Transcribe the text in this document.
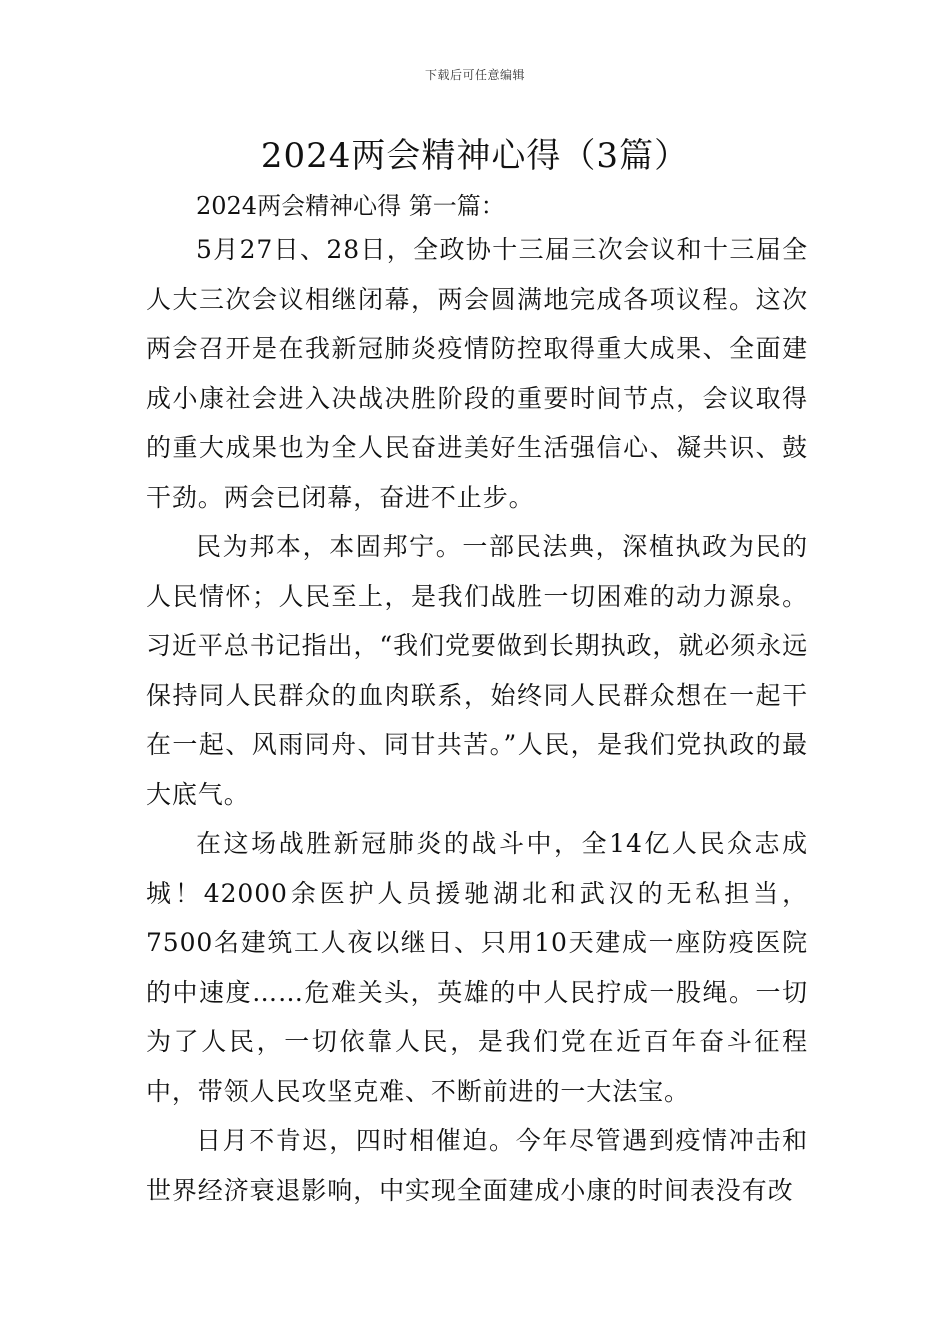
下载后可任意编辑
2024两会精神心得（3篇）

2024两会精神心得 第一篇：

5月27日、28日，全政协十三届三次会议和十三届全人大三次会议相继闭幕，两会圆满地完成各项议程。这次两会召开是在我新冠肺炎疫情防控取得重大成果、全面建成小康社会进入决战决胜阶段的重要时间节点，会议取得的重大成果也为全人民奋进美好生活强信心、凝共识、鼓干劲。两会已闭幕，奋进不止步。

民为邦本，本固邦宁。一部民法典，深植执政为民的人民情怀；人民至上，是我们战胜一切困难的动力源泉。习近平总书记指出，“我们党要做到长期执政，就必须永远保持同人民群众的血肉联系，始终同人民群众想在一起干在一起、风雨同舟、同甘共苦。”人民，是我们党执政的最大底气。

在这场战胜新冠肺炎的战斗中，全14亿人民众志成城！42000余医护人员援驰湖北和武汉的无私担当，7500名建筑工人夜以继日、只用10天建成一座防疫医院的中速度……危难关头，英雄的中人民拧成一股绳。一切为了人民，一切依靠人民，是我们党在近百年奋斗征程中，带领人民攻坚克难、不断前进的一大法宝。

日月不肯迟，四时相催迫。今年尽管遇到疫情冲击和世界经济衰退影响，中实现全面建成小康的时间表没有改
